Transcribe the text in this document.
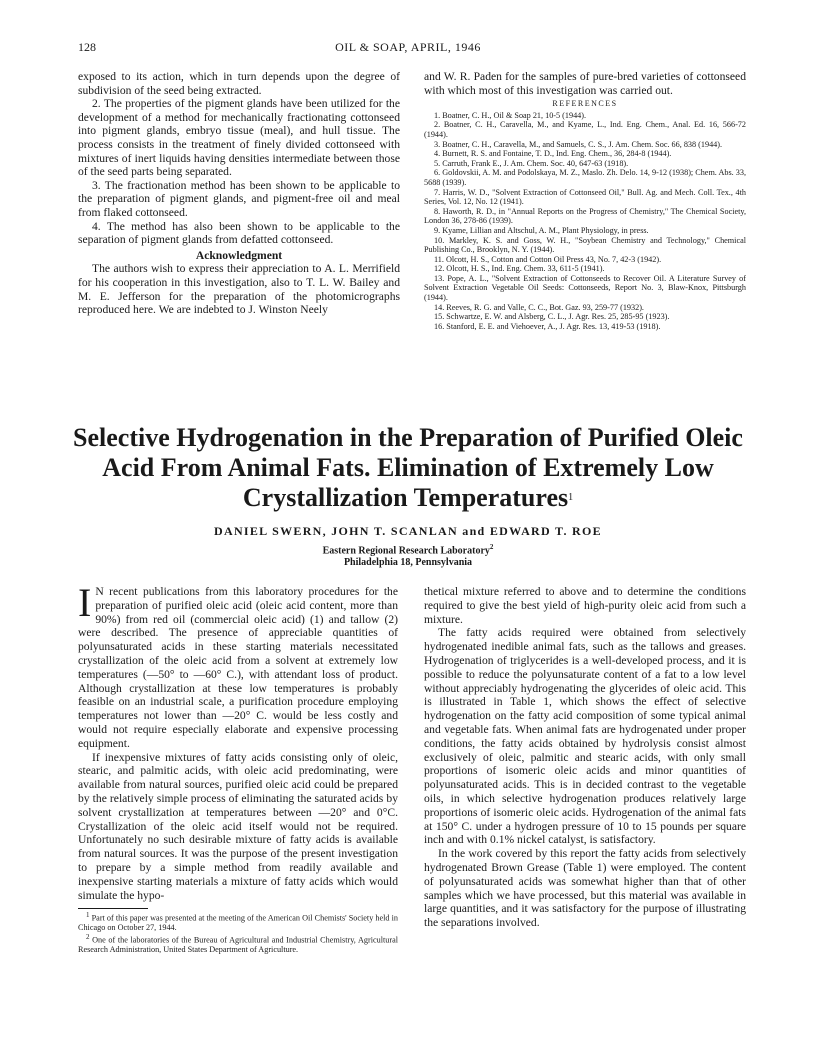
128	OIL & SOAP, APRIL, 1946

exposed to its action, which in turn depends upon the degree of subdivision of the seed being extracted.

2. The properties of the pigment glands have been utilized for the development of a method for mechanically fractionating cottonseed into pigment glands, embryo tissue (meal), and hull tissue. The process consists in the treatment of finely divided cottonseed with mixtures of inert liquids having densities intermediate between those of the seed parts being separated.

3. The fractionation method has been shown to be applicable to the preparation of pigment glands, and pigment-free oil and meal from flaked cottonseed.

4. The method has also been shown to be applicable to the separation of pigment glands from defatted cottonseed.

Acknowledgment

The authors wish to express their appreciation to A. L. Merrifield for his cooperation in this investigation, also to T. L. W. Bailey and M. E. Jefferson for the preparation of the photomicrographs reproduced here. We are indebted to J. Winston Neely

and W. R. Paden for the samples of pure-bred varieties of cottonseed with which most of this investigation was carried out.

REFERENCES

1. Boatner, C. H., Oil & Soap 21, 10-5 (1944).

2. Boatner, C. H., Caravella, M., and Kyame, L., Ind. Eng. Chem., Anal. Ed. 16, 566-72 (1944).

3. Boatner, C. H., Caravella, M., and Samuels, C. S., J. Am. Chem. Soc. 66, 838 (1944).

4. Burnett, R. S. and Fontaine, T. D., Ind. Eng. Chem., 36, 284-8 (1944).

5. Carruth, Frank E., J. Am. Chem. Soc. 40, 647-63 (1918).

6. Goldovskii, A. M. and Podolskaya, M. Z., Maslo. Zh. Delo. 14, 9-12 (1938); Chem. Abs. 33, 5688 (1939).

7. Harris, W. D., "Solvent Extraction of Cottonseed Oil," Bull. Ag. and Mech. Coll. Tex., 4th Series, Vol. 12, No. 12 (1941).

8. Haworth, R. D., in "Annual Reports on the Progress of Chemistry," The Chemical Society, London 36, 278-86 (1939).

9. Kyame, Lillian and Altschul, A. M., Plant Physiology, in press.

10. Markley, K. S. and Goss, W. H., "Soybean Chemistry and Technology," Chemical Publishing Co., Brooklyn, N. Y. (1944).

11. Olcott, H. S., Cotton and Cotton Oil Press 43, No. 7, 42-3 (1942).

12. Olcott, H. S., Ind. Eng. Chem. 33, 611-5 (1941).

13. Pope, A. L., "Solvent Extraction of Cottonseeds to Recover Oil. A Literature Survey of Solvent Extraction Vegetable Oil Seeds: Cottonseeds, Report No. 3, Blaw-Knox, Pittsburgh (1944).

14. Reeves, R. G. and Valle, C. C., Bot. Gaz. 93, 259-77 (1932).

15. Schwartze, E. W. and Alsberg, C. L., J. Agr. Res. 25, 285-95 (1923).

16. Stanford, E. E. and Viehoever, A., J. Agr. Res. 13, 419-53 (1918).

Selective Hydrogenation in the Preparation of Purified Oleic Acid From Animal Fats. Elimination of Extremely Low Crystallization Temperatures$^1$
DANIEL SWERN, JOHN T. SCANLAN and EDWARD T. ROE
Eastern Regional Research Laboratory$^2$
Philadelphia 18, Pennsylvania

I N recent publications from this laboratory procedures for the preparation of purified oleic acid (oleic acid content, more than 90%) from red oil (commercial oleic acid) (1) and tallow (2) were described. The presence of appreciable quantities of polyunsaturated acids in these starting materials necessitated crystallization of the oleic acid from a solvent at extremely low temperatures (—50° to —60° C.), with attendant loss of product. Although crystallization at these low temperatures is probably feasible on an industrial scale, a purification procedure employing temperatures not lower than —20° C. would be less costly and would not require especially elaborate and expensive processing equipment.

If inexpensive mixtures of fatty acids consisting only of oleic, stearic, and palmitic acids, with oleic acid predominating, were available from natural sources, purified oleic acid could be prepared by the relatively simple process of eliminating the saturated acids by solvent crystallization at temperatures between —20° and 0°C. Crystallization of the oleic acid itself would not be required. Unfortunately no such desirable mixture of fatty acids is available from natural sources. It was the purpose of the present investigation to prepare by a simple method from readily available and inexpensive starting materials a mixture of fatty acids which would simulate the hypo-

$^1$ Part of this paper was presented at the meeting of the American Oil Chemists' Society held in Chicago on October 27, 1944.

$^2$ One of the laboratories of the Bureau of Agricultural and Industrial Chemistry, Agricultural Research Administration, United States Department of Agriculture.

thetical mixture referred to above and to determine the conditions required to give the best yield of high-purity oleic acid from such a mixture.

The fatty acids required were obtained from selectively hydrogenated inedible animal fats, such as the tallows and greases. Hydrogenation of triglycerides is a well-developed process, and it is possible to reduce the polyunsaturate content of a fat to a low level without appreciably hydrogenating the glycerides of oleic acid. This is illustrated in Table 1, which shows the effect of selective hydrogenation on the fatty acid composition of some typical animal and vegetable fats. When animal fats are hydrogenated under proper conditions, the fatty acids obtained by hydrolysis consist almost exclusively of oleic, palmitic and stearic acids, with only small proportions of isomeric oleic acids and minor quantities of polyunsaturated acids. This is in decided contrast to the vegetable oils, in which selective hydrogenation produces relatively large proportions of isomeric oleic acids. Hydrogenation of the animal fats at 150° C. under a hydrogen pressure of 10 to 15 pounds per square inch and with 0.1% nickel catalyst, is satisfactory.

In the work covered by this report the fatty acids from selectively hydrogenated Brown Grease (Table 1) were employed. The content of polyunsaturated acids was somewhat higher than that of other samples which we have processed, but this material was available in large quantities, and it was satisfactory for the purpose of illustrating the separations involved.
